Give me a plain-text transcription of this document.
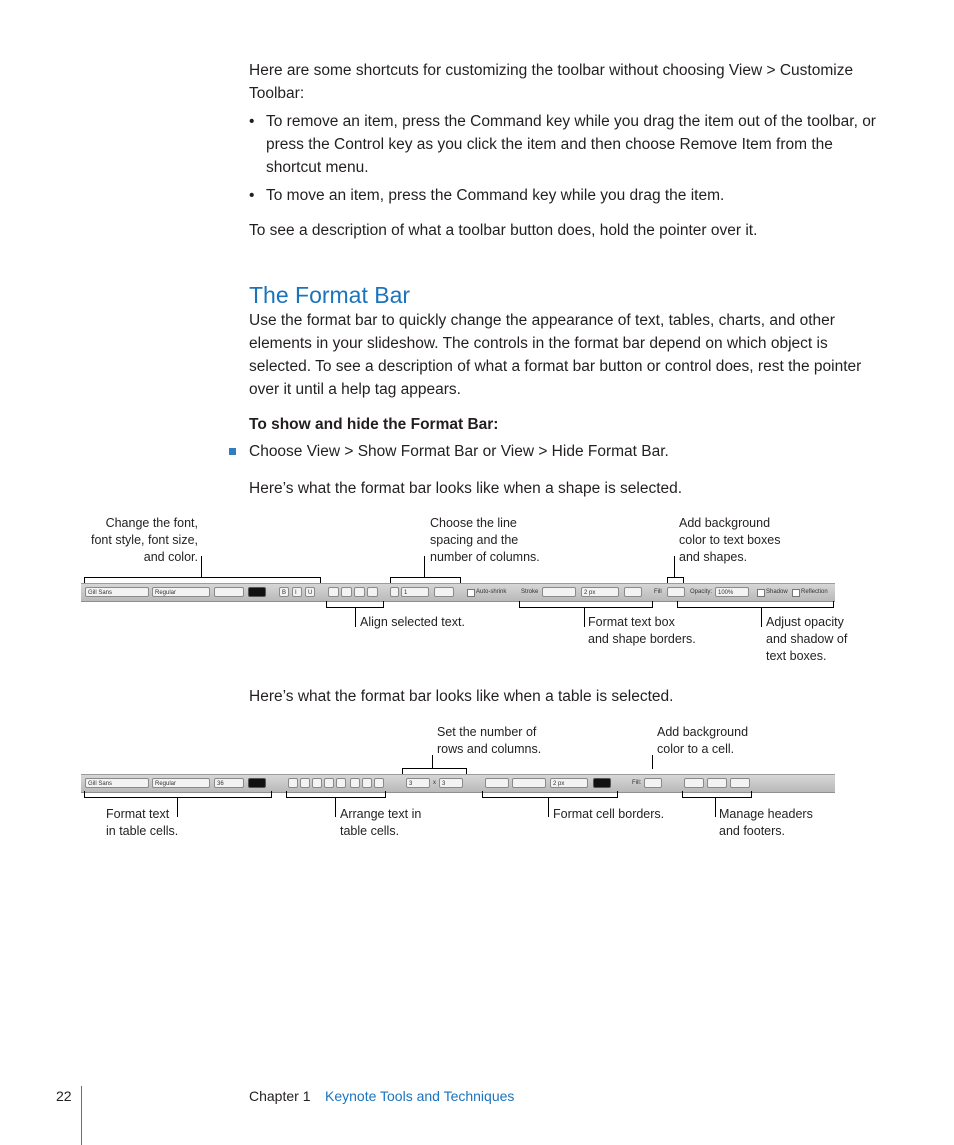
Here are some shortcuts for customizing the toolbar without choosing View > Customize Toolbar:
• To remove an item, press the Command key while you drag the item out of the toolbar, or press the Control key as you click the item and then choose Remove Item from the shortcut menu.
• To move an item, press the Command key while you drag the item.
To see a description of what a toolbar button does, hold the pointer over it.
The Format Bar
Use the format bar to quickly change the appearance of text, tables, charts, and other elements in your slideshow. The controls in the format bar depend on which object is selected. To see a description of what a format bar button or control does, rest the pointer over it until a help tag appears.
To show and hide the Format Bar:
Choose View > Show Format Bar or View > Hide Format Bar.
Here’s what the format bar looks like when a shape is selected.
Change the font,
font style, font size,
and color.
Choose the line
spacing and the
number of columns.
Add background
color to text boxes
and shapes.
Gill Sans	Regular	B	I	U	1	Auto-shrink Stroke	2 px	Fill	Opacity: 100%	Shadow Reflection
Align selected text.	Format text box
and shape borders.
Adjust opacity
and shadow of
text boxes.
Here’s what the format bar looks like when a table is selected.
Set the number of
rows and columns.
Add background
color to a cell.
Gill Sans	Regular	36	3	x	3	2 px	Fill:
Format text
in table cells.
Arrange text in
table cells.
Format cell borders.	Manage headers
and footers.
22	Chapter 1 Keynote Tools and Techniques
